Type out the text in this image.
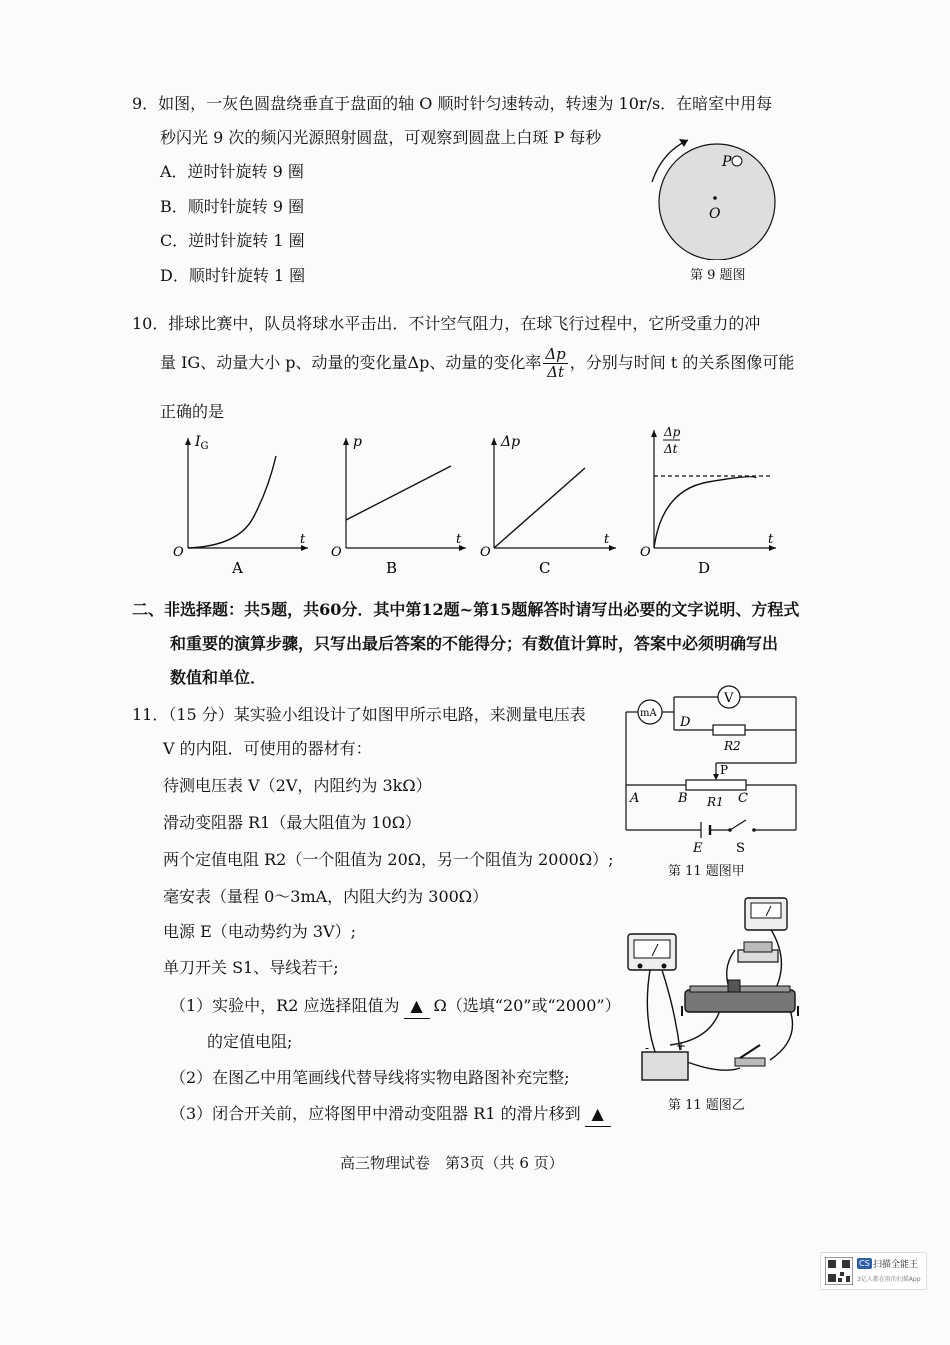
9．如图，一灰色圆盘绕垂直于盘面的轴 O 顺时针匀速转动，转速为 10r/s．在暗室中用每
秒闪光 9 次的频闪光源照射圆盘，可观察到圆盘上白斑 P 每秒
A．逆时针旋转 9 圈
B．顺时针旋转 9 圈
C．逆时针旋转 1 圈
D．顺时针旋转 1 圈
P
O
第 9 题图
10．排球比赛中，队员将球水平击出．不计空气阻力，在球飞行过程中，它所受重力的冲
量 IG、动量大小 p、动量的变化量Δp、动量的变化率 $\frac{\Delta p}{\Delta t}$ ，分别与时间 t 的关系图像可能
正确的是
$I_G$
t
O
A
p
t
O
B
Δp
t
O
C
Δp
Δt
t
O
D
二、非选择题：共5题，共60分．其中第12题~第15题解答时请写出必要的文字说明、方程式
和重要的演算步骤，只写出最后答案的不能得分；有数值计算时，答案中必须明确写出
数值和单位．
11．（15 分）某实验小组设计了如图甲所示电路，来测量电压表
V 的内阻．可使用的器材有：
待测电压表 V（2V，内阻约为 3kΩ）
滑动变阻器 R1（最大阻值为 10Ω）
两个定值电阻 R2（一个阻值为 20Ω，另一个阻值为 2000Ω）;
毫安表（量程 0～3mA，内阻大约为 300Ω）
电源 E（电动势约为 3V）;
单刀开关 S1、导线若干;
（1）实验中，R2 应选择阻值为 ▲ Ω（选填“20”或“2000”）
的定值电阻;
（2）在图乙中用笔画线代替导线将实物电路图补充完整;
（3）闭合开关前，应将图甲中滑动变阻器 R1 的滑片移到 ▲
mA
V
D
R2
P
A	B R1 C
E	S
第 11 题图甲
- +
第 11 题图乙
高三物理试卷　第3页（共 6 页）
CS 扫描全能王
3亿人都在用的扫描App
